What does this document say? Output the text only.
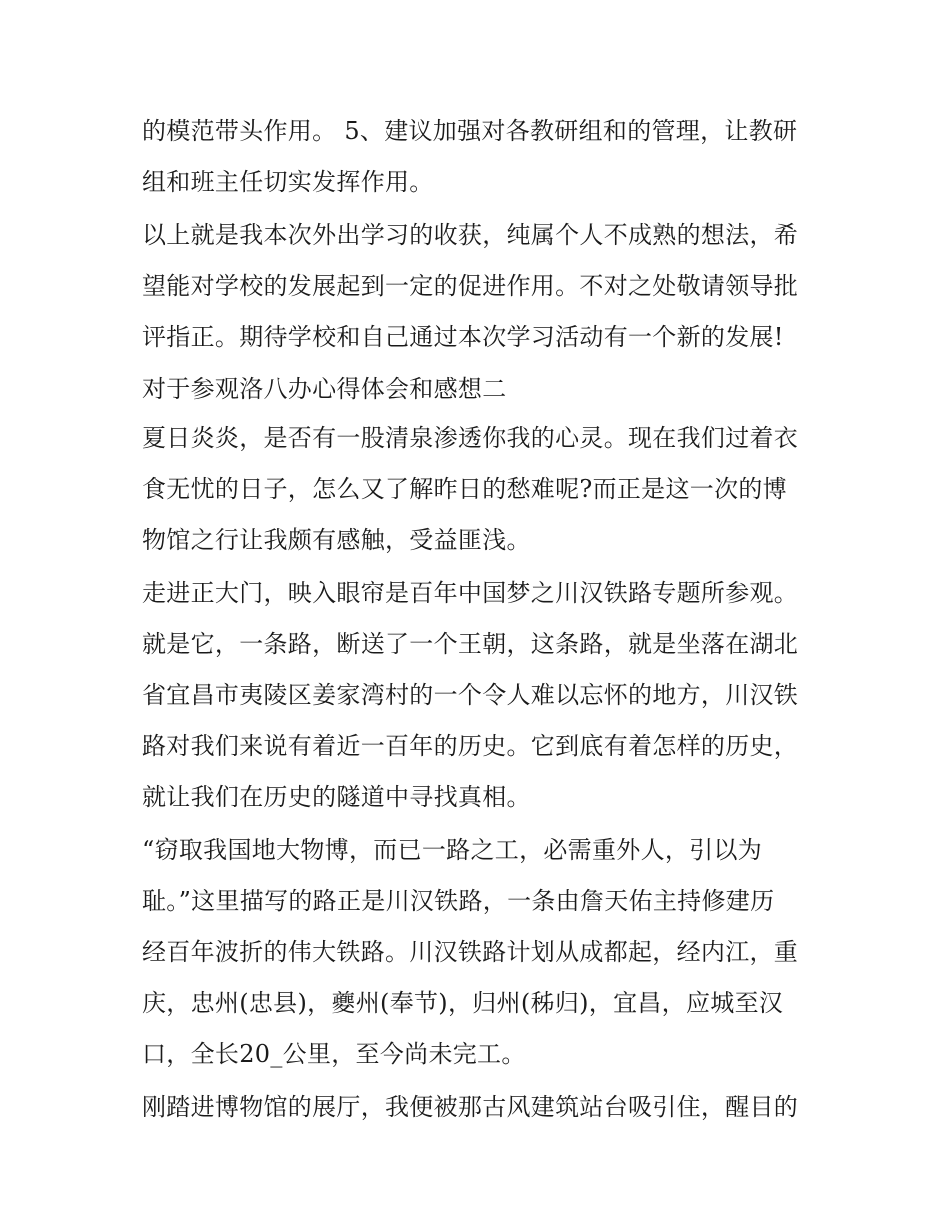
的模范带头作用。 5、建议加强对各教研组和的管理，让教研
组和班主任切实发挥作用。
以上就是我本次外出学习的收获，纯属个人不成熟的想法，希
望能对学校的发展起到一定的促进作用。不对之处敬请领导批
评指正。期待学校和自己通过本次学习活动有一个新的发展!
对于参观洛八办心得体会和感想二
夏日炎炎，是否有一股清泉渗透你我的心灵。现在我们过着衣
食无忧的日子，怎么又了解昨日的愁难呢?而正是这一次的博
物馆之行让我颇有感触，受益匪浅。
走进正大门，映入眼帘是百年中国梦之川汉铁路专题所参观。
就是它，一条路，断送了一个王朝，这条路，就是坐落在湖北
省宜昌市夷陵区姜家湾村的一个令人难以忘怀的地方，川汉铁
路对我们来说有着近一百年的历史。它到底有着怎样的历史，
就让我们在历史的隧道中寻找真相。
“窃取我国地大物博，而已一路之工，必需重外人，引以为
耻。”这里描写的路正是川汉铁路，一条由詹天佑主持修建历
经百年波折的伟大铁路。川汉铁路计划从成都起，经内江，重
庆，忠州(忠县)，夔州(奉节)，归州(秭归)，宜昌，应城至汉
口，全长20_公里，至今尚未完工。
刚踏进博物馆的展厅，我便被那古风建筑站台吸引住，醒目的
